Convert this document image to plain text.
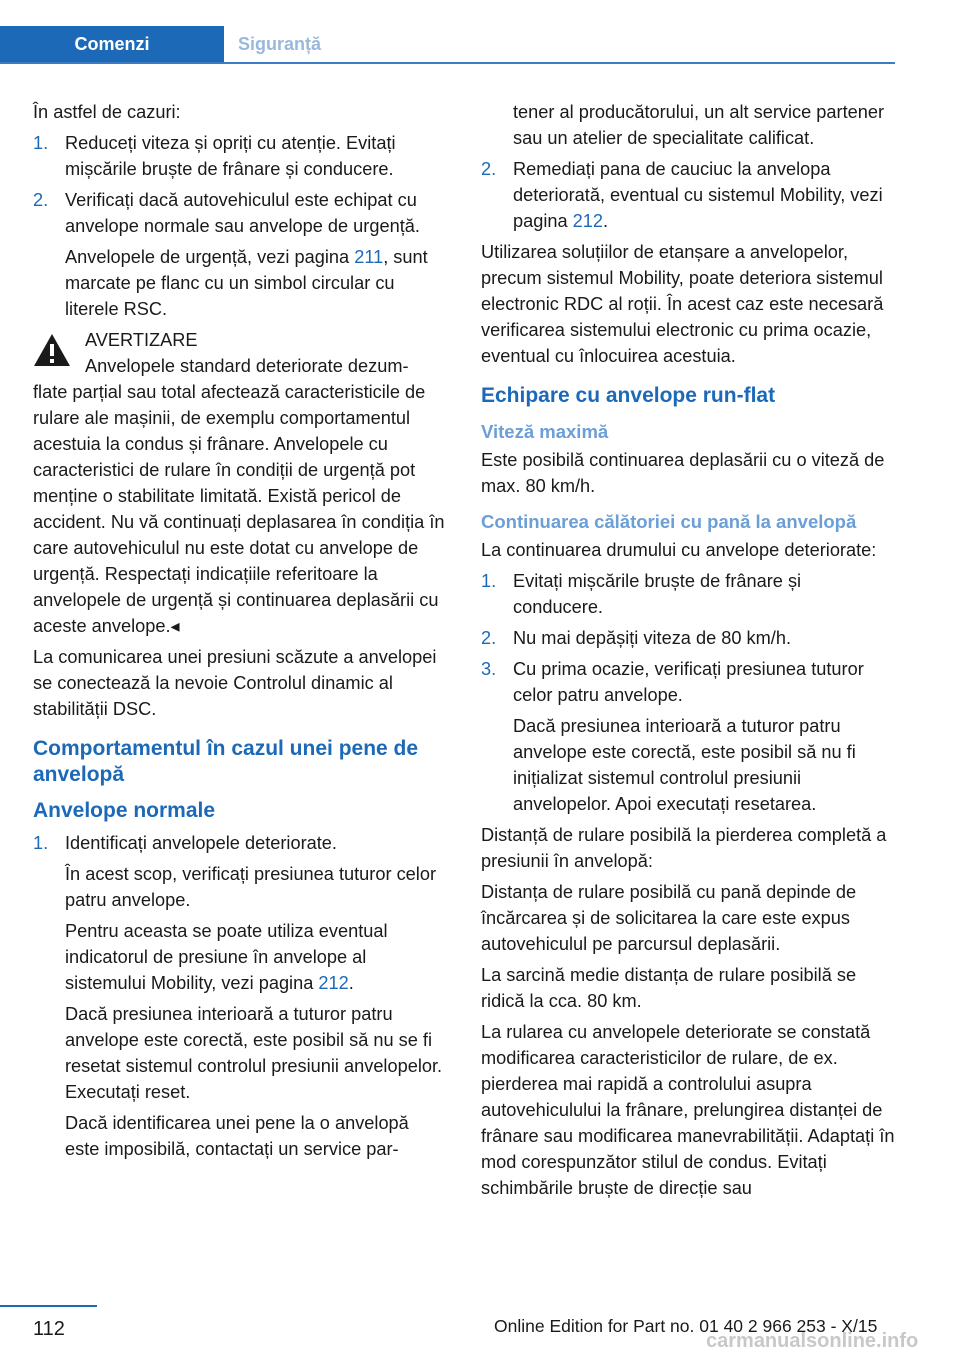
Comenzi	Siguranță

În astfel de cazuri:

1. Reduceți viteza și opriți cu atenție. Evitați mișcările bruște de frânare și conducere.
2. Verificați dacă autovehiculul este echipat cu anvelope normale sau anvelope de urgență.
Anvelopele de urgență, vezi pagina 211, sunt marcate pe flanc cu un simbol circular cu literele RSC.
AVERTIZARE
Anvelopele standard deteriorate dezum-
flate parțial sau total afectează caracteristicile de rulare ale mașinii, de exemplu comportamentul acestuia la condus și frânare. Anvelopele cu caracteristici de rulare în condiții de urgență pot menține o stabilitate limitată. Există pericol de accident. Nu vă continuați deplasarea în condiția în care autovehiculul nu este dotat cu anvelope de urgență. Respectați indicațiile referitoare la anvelopele de urgență și continuarea deplasării cu aceste anvelope.◂

La comunicarea unei presiuni scăzute a anvelopei se conectează la nevoie Controlul dinamic al stabilității DSC.

Comportamentul în cazul unei pene de anvelopă
Anvelope normale
1. Identificați anvelopele deteriorate.
În acest scop, verificați presiunea tuturor celor patru anvelope.
Pentru aceasta se poate utiliza eventual indicatorul de presiune în anvelope al sistemului Mobility, vezi pagina 212.
Dacă presiunea interioară a tuturor patru anvelope este corectă, este posibil să nu se fi resetat sistemul controlul presiunii anvelopelor. Executați reset.
Dacă identificarea unei pene la o anvelopă este imposibilă, contactați un service par-
tener al producătorului, un alt service partener sau un atelier de specialitate calificat.
2. Remediați pana de cauciuc la anvelopa deteriorată, eventual cu sistemul Mobility, vezi pagina 212.

Utilizarea soluțiilor de etanșare a anvelopelor, precum sistemul Mobility, poate deteriora sistemul electronic RDC al roții. În acest caz este necesară verificarea sistemului electronic cu prima ocazie, eventual cu înlocuirea acestuia.

Echipare cu anvelope run-flat
Viteză maximă

Este posibilă continuarea deplasării cu o viteză de max. 80 km/h.

Continuarea călătoriei cu pană la anvelopă

La continuarea drumului cu anvelope deteriorate:

1. Evitați mișcările bruște de frânare și conducere.
2. Nu mai depășiți viteza de 80 km/h.
3. Cu prima ocazie, verificați presiunea tuturor celor patru anvelope.
Dacă presiunea interioară a tuturor patru anvelope este corectă, este posibil să nu fi inițializat sistemul controlul presiunii anvelopelor. Apoi executați resetarea.

Distanță de rulare posibilă la pierderea completă a presiunii în anvelopă:

Distanța de rulare posibilă cu pană depinde de încărcarea și de solicitarea la care este expus autovehiculul pe parcursul deplasării.

La sarcină medie distanța de rulare posibilă se ridică la cca. 80 km.

La rularea cu anvelopele deteriorate se constată modificarea caracteristicilor de rulare, de ex. pierderea mai rapidă a controlului asupra autovehiculului la frânare, prelungirea distanței de frânare sau modificarea manevrabilității. Adaptați în mod corespunzător stilul de condus. Evitați schimbările bruște de direcție sau

112	Online Edition for Part no. 01 40 2 966 253 - X/15
carmanualsonline.info
